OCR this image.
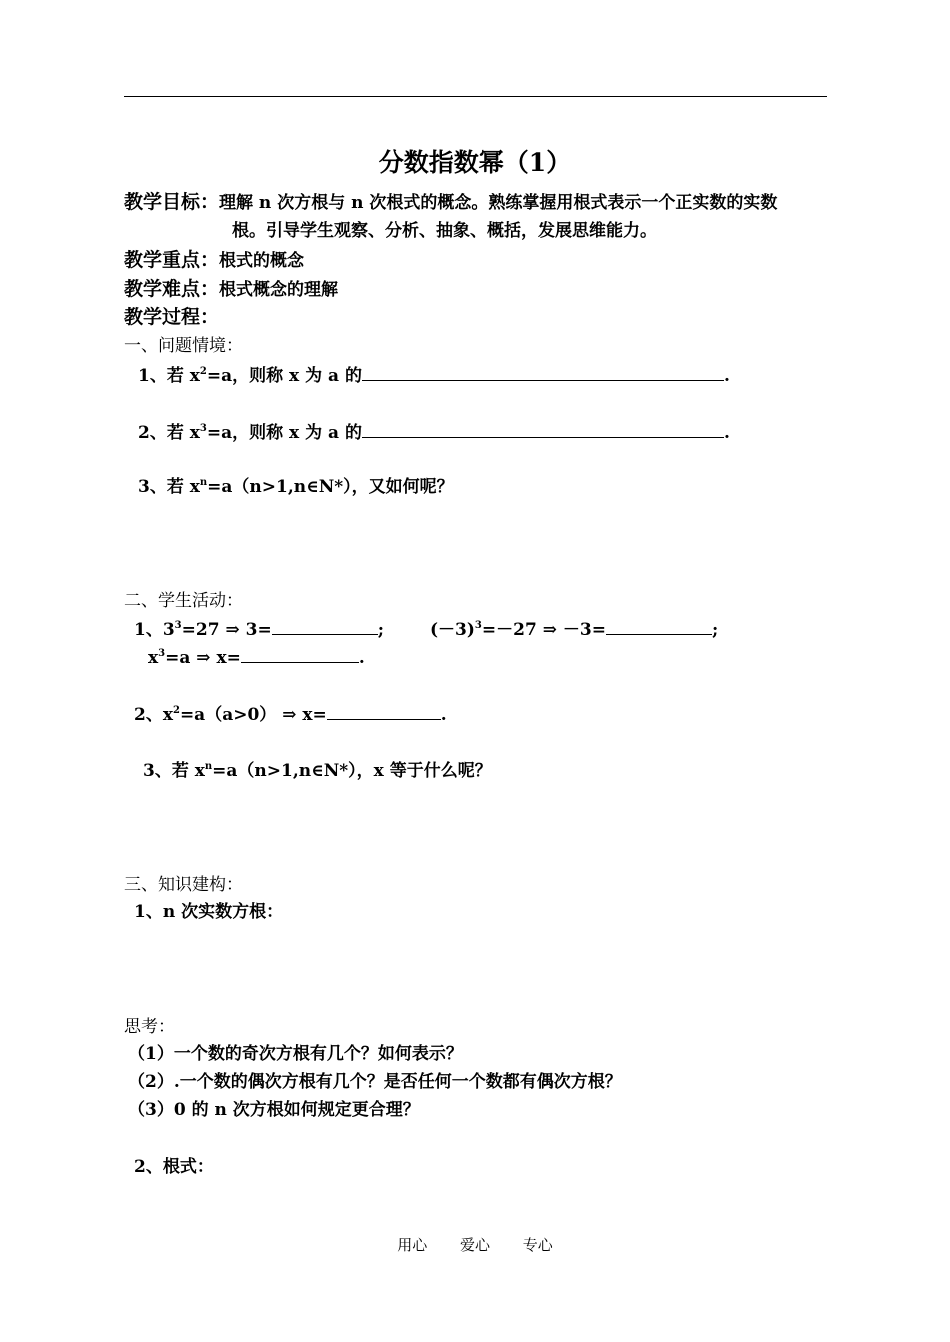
分数指数幂（1）
教学目标：理解 n 次方根与 n 次根式的概念。熟练掌握用根式表示一个正实数的实数
根。引导学生观察、分析、抽象、概括，发展思维能力。
教学重点：根式的概念
教学难点：根式概念的理解
教学过程：
一、问题情境：
1、若 $x^2=a$，则称 x 为 a 的	.
2、若 $x^3=a$，则称 x 为 a 的	.
3、若 $x^n=a(n>1,n\in N*)$，又如何呢？
二、学生活动：
1、$3^3=27$ ⇒ 3=	;	$(-3)^3=-27$ ⇒ －3=	;
$x^3=a$ ⇒ x=	.
2、$x^2=a(a>0)$ ⇒ x=	.
3、若 $x^n=a(n>1,n\in N*)$，x 等于什么呢？
三、知识建构：
1、n 次实数方根：
思考：
（1）一个数的奇次方根有几个？如何表示？
（2）.一个数的偶次方根有几个？是否任何一个数都有偶次方根？
（3）0 的 n 次方根如何规定更合理？
2、根式：
用心 爱心 专心
